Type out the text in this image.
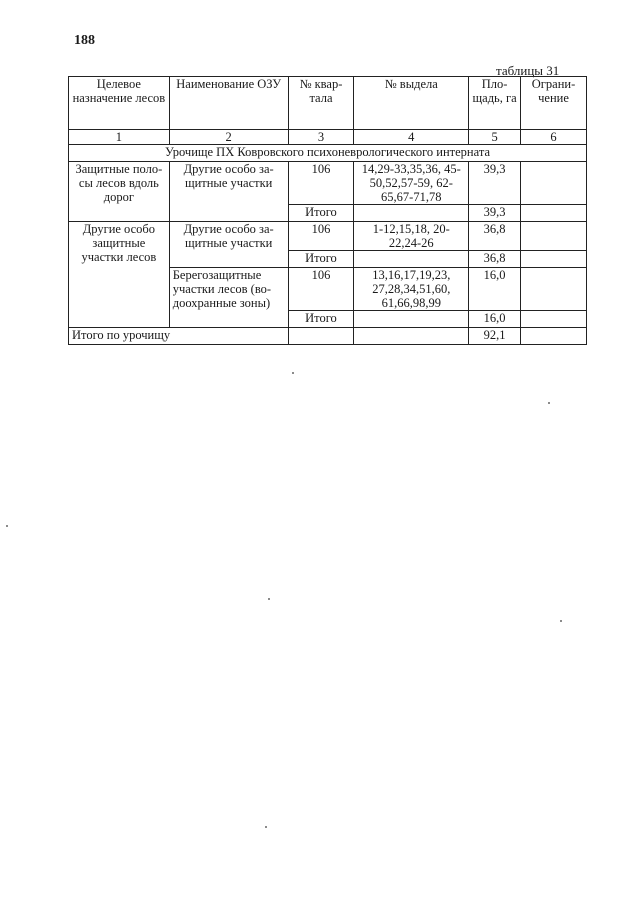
188
таблицы 31
Целевое назначение лесов	Наименование ОЗУ	№ квар-тала	№ выдела	Пло-щадь, га	Ограни-чение
1	2	3	4	5	6
Урочище ПХ Ковровского психоневрологического интерната					
Защитные поло-сы лесов вдоль дорог	Другие особо за-щитные участки	106	14,29-33,35,36, 45-50,52,57-59, 62-65,67-71,78	39,3	
		Итого		39,3	
Другие особо защитные участки лесов	Другие особо за-щитные участки	106	1-12,15,18, 20-22,24-26	36,8	
		Итого		36,8	
	Берегозащитные участки лесов (во-доохранные зоны)	106	13,16,17,19,23, 27,28,34,51,60, 61,66,98,99	16,0	
		Итого		16,0	
Итого по урочищу				92,1	
